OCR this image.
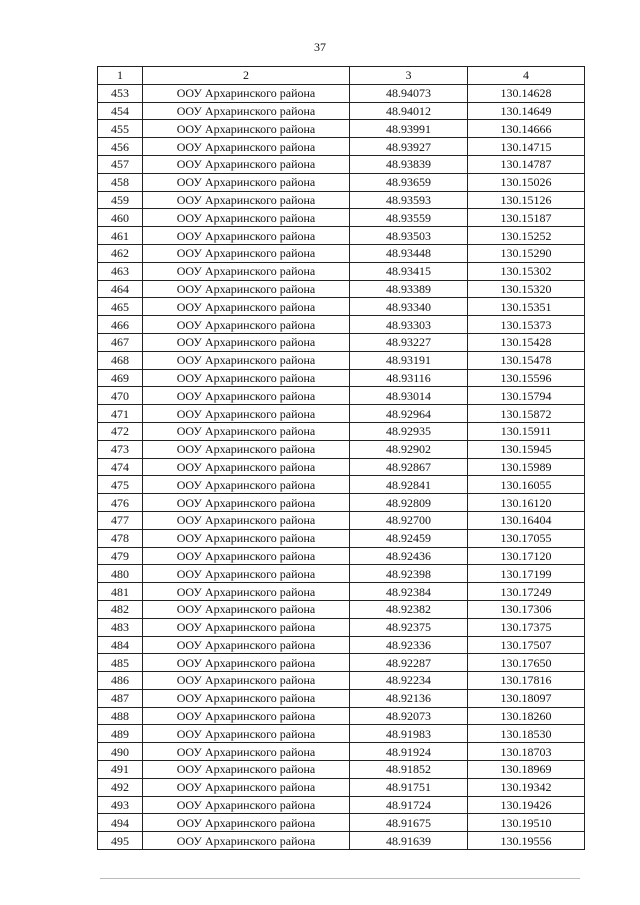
37
1	2	3	4
453	ООУ Архаринского района	48.94073	130.14628
454	ООУ Архаринского района	48.94012	130.14649
455	ООУ Архаринского района	48.93991	130.14666
456	ООУ Архаринского района	48.93927	130.14715
457	ООУ Архаринского района	48.93839	130.14787
458	ООУ Архаринского района	48.93659	130.15026
459	ООУ Архаринского района	48.93593	130.15126
460	ООУ Архаринского района	48.93559	130.15187
461	ООУ Архаринского района	48.93503	130.15252
462	ООУ Архаринского района	48.93448	130.15290
463	ООУ Архаринского района	48.93415	130.15302
464	ООУ Архаринского района	48.93389	130.15320
465	ООУ Архаринского района	48.93340	130.15351
466	ООУ Архаринского района	48.93303	130.15373
467	ООУ Архаринского района	48.93227	130.15428
468	ООУ Архаринского района	48.93191	130.15478
469	ООУ Архаринского района	48.93116	130.15596
470	ООУ Архаринского района	48.93014	130.15794
471	ООУ Архаринского района	48.92964	130.15872
472	ООУ Архаринского района	48.92935	130.15911
473	ООУ Архаринского района	48.92902	130.15945
474	ООУ Архаринского района	48.92867	130.15989
475	ООУ Архаринского района	48.92841	130.16055
476	ООУ Архаринского района	48.92809	130.16120
477	ООУ Архаринского района	48.92700	130.16404
478	ООУ Архаринского района	48.92459	130.17055
479	ООУ Архаринского района	48.92436	130.17120
480	ООУ Архаринского района	48.92398	130.17199
481	ООУ Архаринского района	48.92384	130.17249
482	ООУ Архаринского района	48.92382	130.17306
483	ООУ Архаринского района	48.92375	130.17375
484	ООУ Архаринского района	48.92336	130.17507
485	ООУ Архаринского района	48.92287	130.17650
486	ООУ Архаринского района	48.92234	130.17816
487	ООУ Архаринского района	48.92136	130.18097
488	ООУ Архаринского района	48.92073	130.18260
489	ООУ Архаринского района	48.91983	130.18530
490	ООУ Архаринского района	48.91924	130.18703
491	ООУ Архаринского района	48.91852	130.18969
492	ООУ Архаринского района	48.91751	130.19342
493	ООУ Архаринского района	48.91724	130.19426
494	ООУ Архаринского района	48.91675	130.19510
495	ООУ Архаринского района	48.91639	130.19556
